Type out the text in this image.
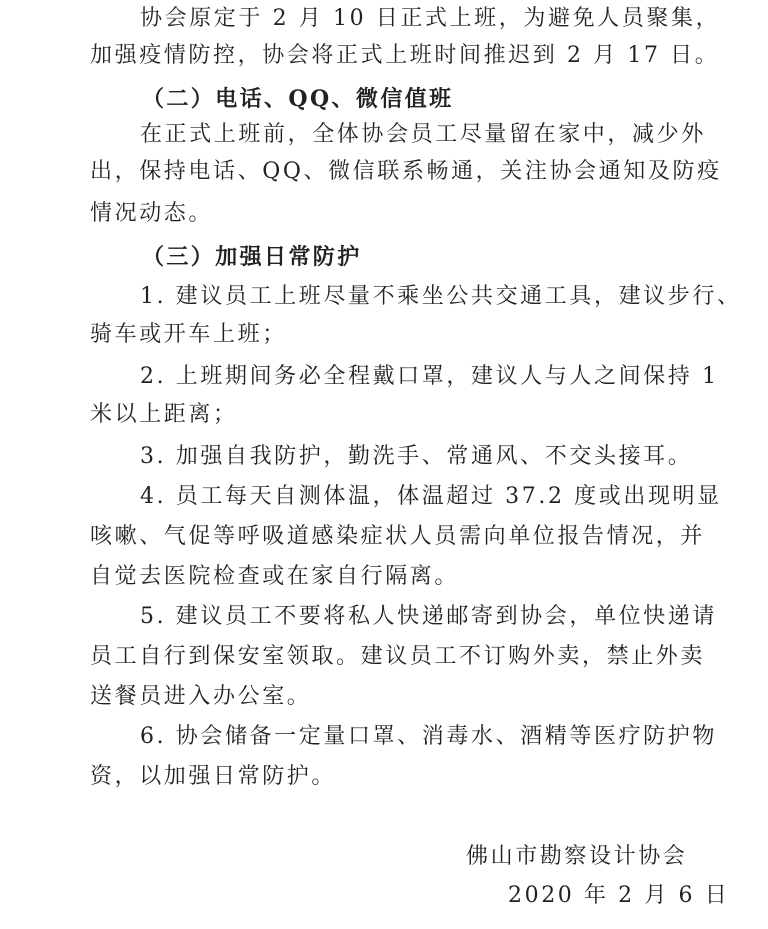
协会原定于 2 月 10 日正式上班，为避免人员聚集，
加强疫情防控，协会将正式上班时间推迟到 2 月 17 日。
（二）电话、QQ、微信值班
在正式上班前，全体协会员工尽量留在家中，减少外
出，保持电话、QQ、微信联系畅通，关注协会通知及防疫
情况动态。
（三）加强日常防护
1. 建议员工上班尽量不乘坐公共交通工具，建议步行、
骑车或开车上班；
2. 上班期间务必全程戴口罩，建议人与人之间保持 1
米以上距离；
3. 加强自我防护，勤洗手、常通风、不交头接耳。
4. 员工每天自测体温，体温超过 37.2 度或出现明显
咳嗽、气促等呼吸道感染症状人员需向单位报告情况，并
自觉去医院检查或在家自行隔离。
5. 建议员工不要将私人快递邮寄到协会，单位快递请
员工自行到保安室领取。建议员工不订购外卖，禁止外卖
送餐员进入办公室。
6. 协会储备一定量口罩、消毒水、酒精等医疗防护物
资，以加强日常防护。
佛山市勘察设计协会
2020 年 2 月 6 日
